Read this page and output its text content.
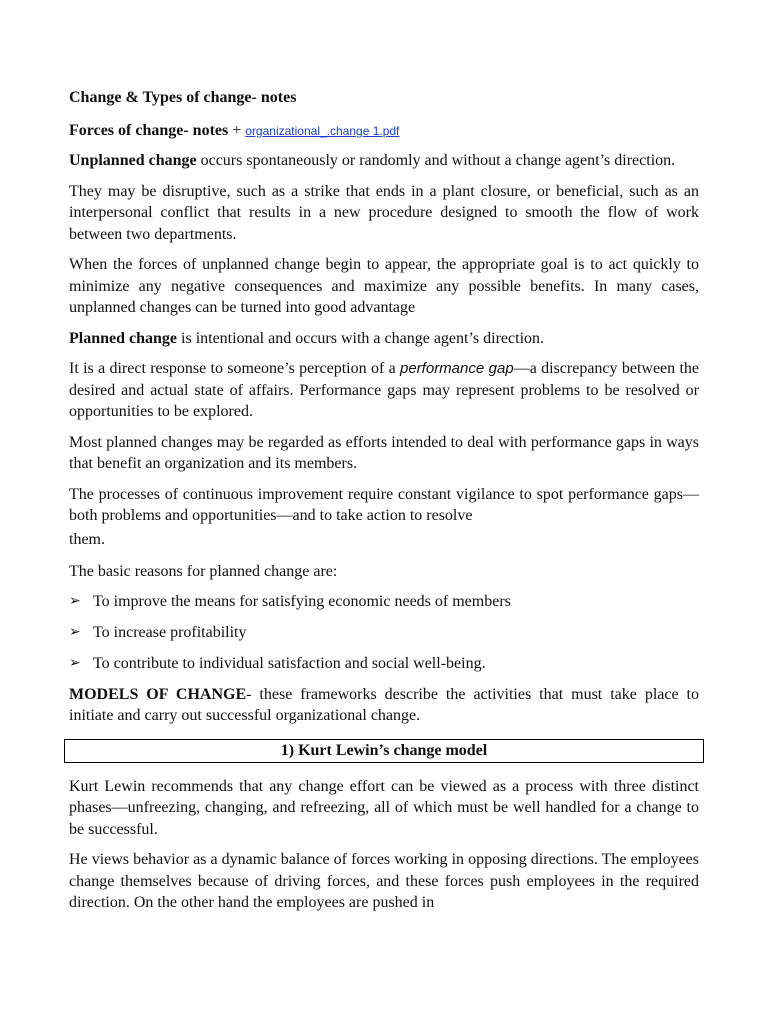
Change & Types of change- notes
Forces of change- notes + organizational_.change 1.pdf

Unplanned change occurs spontaneously or randomly and without a change agent’s direction.

They may be disruptive, such as a strike that ends in a plant closure, or beneficial, such as an interpersonal conflict that results in a new procedure designed to smooth the flow of work between two departments.

When the forces of unplanned change begin to appear, the appropriate goal is to act quickly to minimize any negative consequences and maximize any possible benefits. In many cases, unplanned changes can be turned into good advantage

Planned change is intentional and occurs with a change agent’s direction.

It is a direct response to someone’s perception of a performance gap—a discrepancy between the desired and actual state of affairs. Performance gaps may represent problems to be resolved or opportunities to be explored.

Most planned changes may be regarded as efforts intended to deal with performance gaps in ways that benefit an organization and its members.

The processes of continuous improvement require constant vigilance to spot performance gaps— both problems and opportunities—and to take action to resolve

them.
The basic reasons for planned change are:
➢ To improve the means for satisfying economic needs of members
➢ To increase profitability
➢ To contribute to individual satisfaction and social well-being.

MODELS OF CHANGE- these frameworks describe the activities that must take place to initiate and carry out successful organizational change.

1) Kurt Lewin’s change model

Kurt Lewin recommends that any change effort can be viewed as a process with three distinct phases—unfreezing, changing, and refreezing, all of which must be well handled for a change to be successful.

He views behavior as a dynamic balance of forces working in opposing directions. The employees change themselves because of driving forces, and these forces push employees in the required direction. On the other hand the employees are pushed in
